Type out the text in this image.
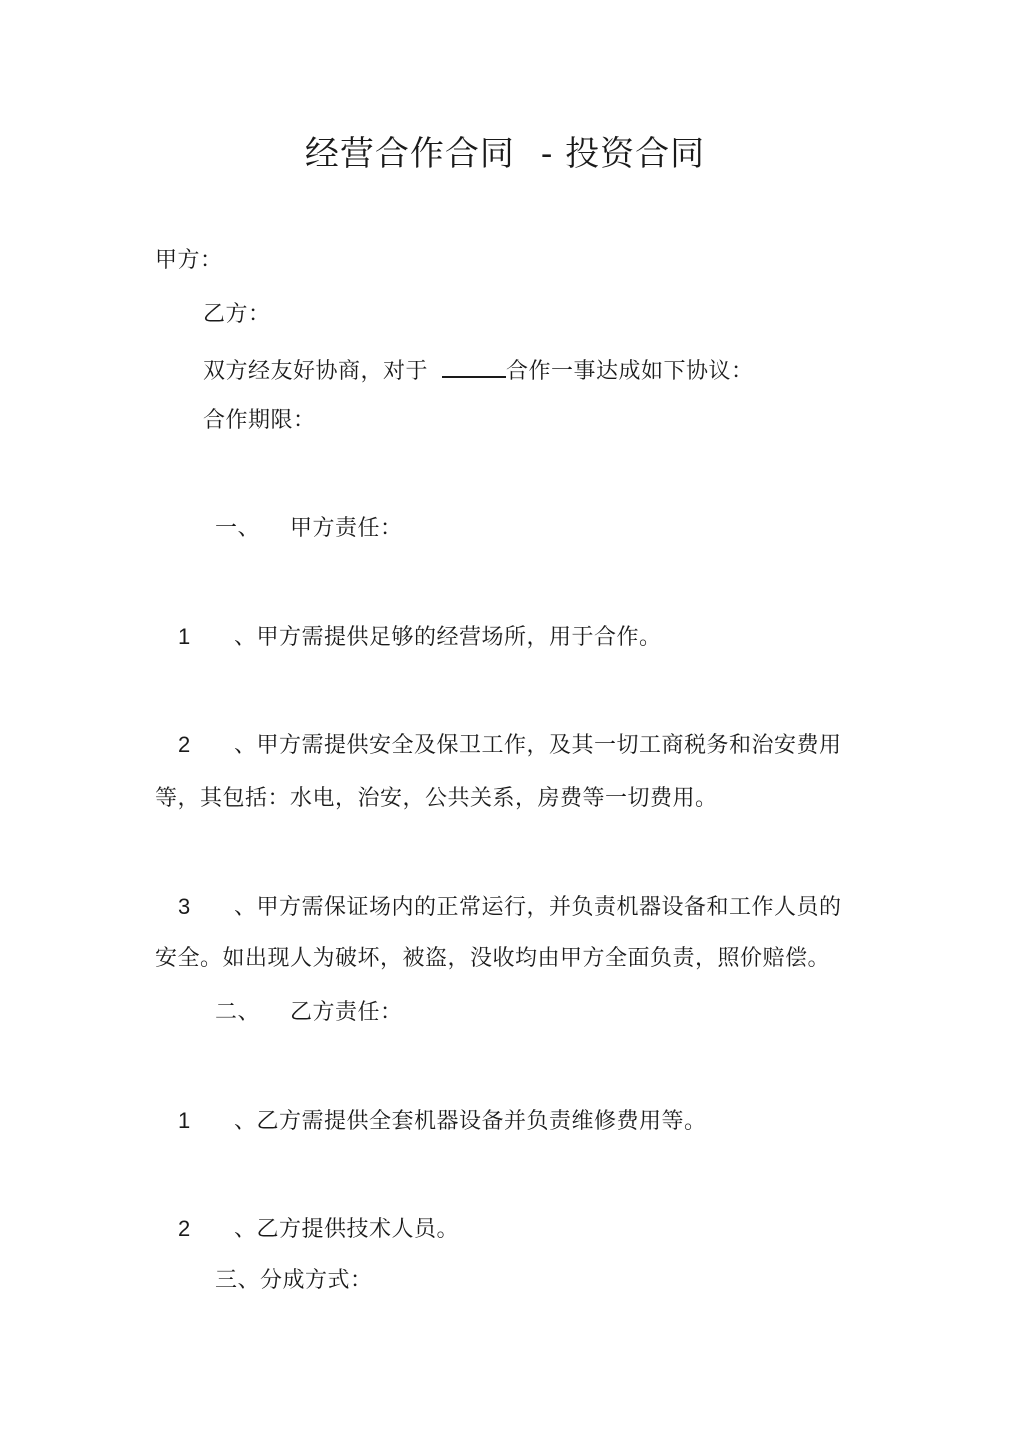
经营合作合同 - 投资合同
甲方：
乙方：
双方经友好协商，对于	合作一事达成如下协议：
合作期限：
一、 甲方责任：
1 、甲方需提供足够的经营场所，用于合作。
2 、甲方需提供安全及保卫工作，及其一切工商税务和治安费用
等，其包括：水电，治安，公共关系，房费等一切费用。
3 、甲方需保证场内的正常运行，并负责机器设备和工作人员的
安全。如出现人为破坏，被盗，没收均由甲方全面负责，照价赔偿。
二、 乙方责任：
1 、乙方需提供全套机器设备并负责维修费用等。
2 、乙方提供技术人员。
三、分成方式：
